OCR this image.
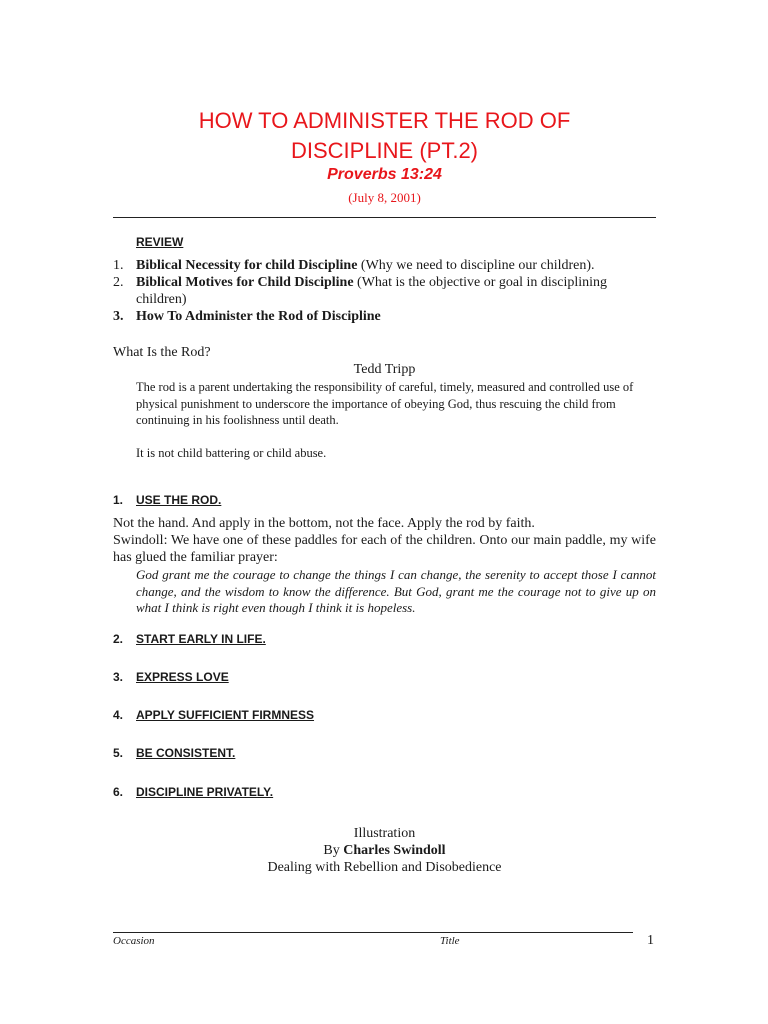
HOW TO ADMINISTER THE ROD OF
DISCIPLINE (PT.2)
Proverbs 13:24
(July 8, 2001)
REVIEW
1. Biblical Necessity for child Discipline (Why we need to discipline our children).
2. Biblical Motives for Child Discipline (What is the objective or goal in disciplining children)
3. How To Administer the Rod of Discipline
What Is the Rod?
Tedd Tripp

The rod is a parent undertaking the responsibility of careful, timely, measured and controlled use of physical punishment to underscore the importance of obeying God, thus rescuing the child from continuing in his foolishness until death.

It is not child battering or child abuse.

1. USE THE ROD.

Not the hand. And apply in the bottom, not the face. Apply the rod by faith.

Swindoll: We have one of these paddles for each of the children. Onto our main paddle, my wife has glued the familiar prayer:

God grant me the courage to change the things I can change, the serenity to accept those I cannot change, and the wisdom to know the difference. But God, grant me the courage not to give up on what I think is right even though I think it is hopeless.
2. START EARLY IN LIFE.
3. EXPRESS LOVE
4. APPLY SUFFICIENT FIRMNESS
5. BE CONSISTENT.
6. DISCIPLINE PRIVATELY.
Illustration
By Charles Swindoll
Dealing with Rebellion and Disobedience
Occasion	Title	1
